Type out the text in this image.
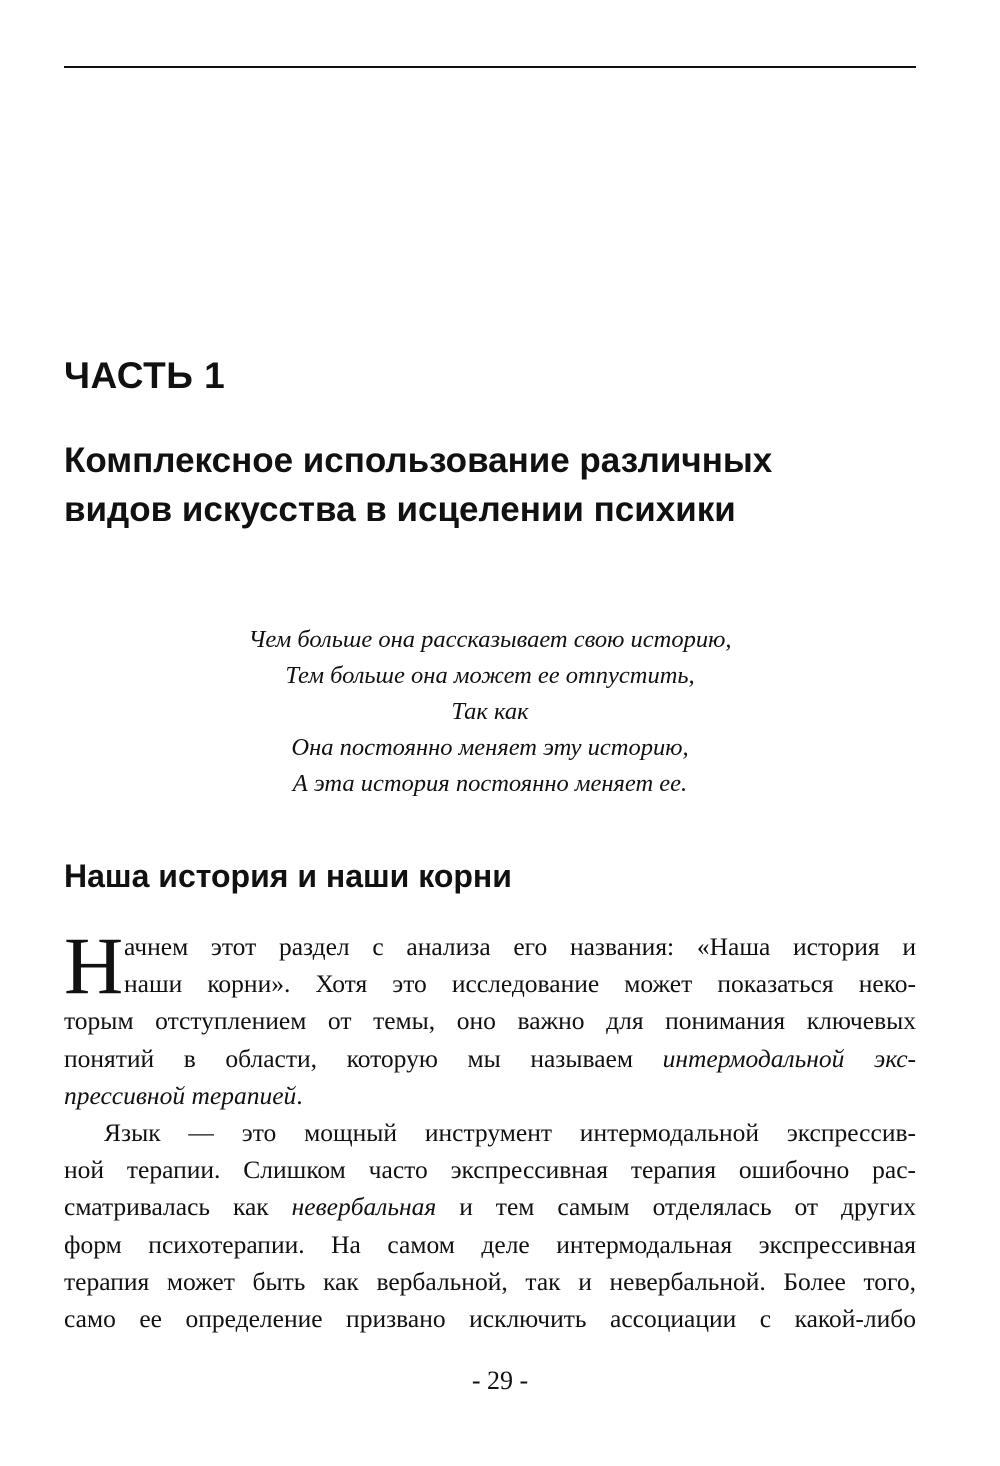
ЧАСТЬ 1
Комплексное использование различных
видов искусства в исцелении психики
Чем больше она рассказывает свою историю,
Тем больше она может ее отпустить,
Так как
Она постоянно меняет эту историю,
А эта история постоянно меняет ее.
Наша история и наши корни
Н ачнем этот раздел с анализа его названия: «Наша история и
наши корни». Хотя это исследование может показаться неко-
торым отступлением от темы, оно важно для понимания ключевых
понятий в области, которую мы называем интермодальной экс-
прессивной терапией.
Язык — это мощный инструмент интермодальной экспрессив-
ной терапии. Слишком часто экспрессивная терапия ошибочно рас-
сматривалась как невербальная и тем самым отделялась от других
форм психотерапии. На самом деле интермодальная экспрессивная
терапия может быть как вербальной, так и невербальной. Более того,
само ее определение призвано исключить ассоциации с какой-либо
- 29 -
